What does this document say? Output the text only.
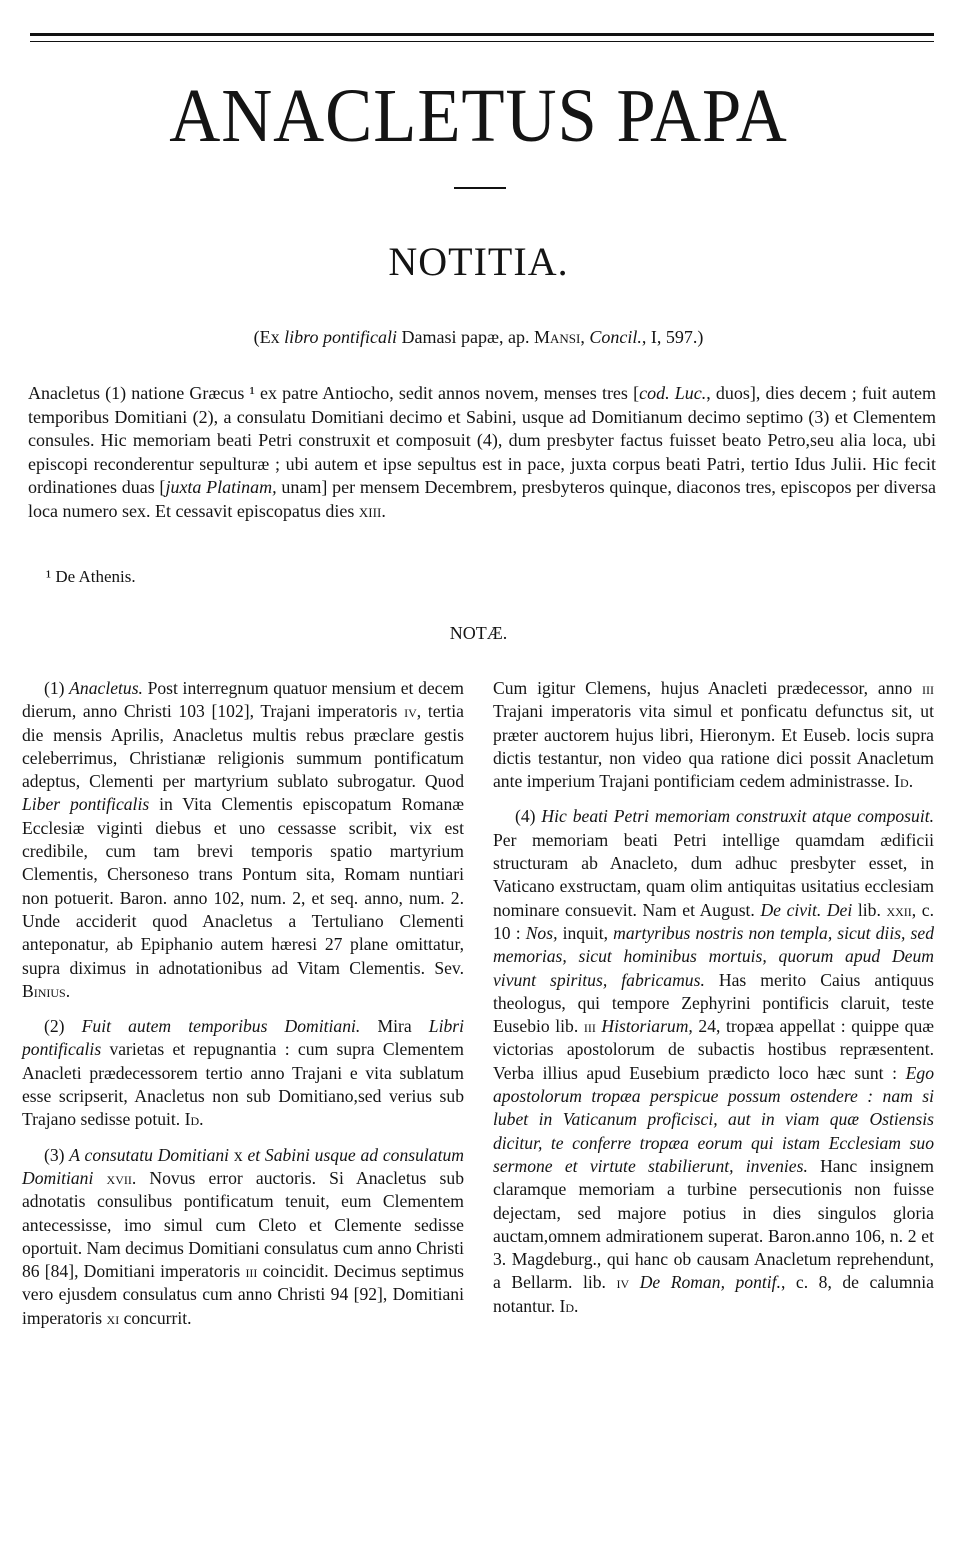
ANACLETUS PAPA
NOTITIA.
(Ex libro pontificali Damasi papæ, ap. Mansi, Concil., I, 597.)

Anacletus (1) natione Græcus ¹ ex patre Antiocho, sedit annos novem, menses tres [cod. Luc., duos], dies decem ; fuit autem temporibus Domitiani (2), a consulatu Domitiani decimo et Sabini, usque ad Domitianum decimo septimo (3) et Clementem consules. Hic memoriam beati Petri construxit et composuit (4), dum presbyter factus fuisset beato Petro,seu alia loca, ubi episcopi reconderentur sepulturæ ; ubi autem et ipse sepultus est in pace, juxta corpus beati Patri, tertio Idus Julii. Hic fecit ordinationes duas [juxta Platinam, unam] per mensem Decembrem, presbyteros quinque, diaconos tres, episcopos per diversa loca numero sex. Et cessavit episcopatus dies xiii.

¹ De Athenis.
NOTÆ.

(1) Anacletus. Post interregnum quatuor mensium et decem dierum, anno Christi 103 [102], Trajani imperatoris iv, tertia die mensis Aprilis, Anacletus multis rebus præclare gestis celeberrimus, Christianæ religionis summum pontificatum adeptus, Clementi per martyrium sublato subrogatur. Quod Liber pontificalis in Vita Clementis episcopatum Romanæ Ecclesiæ viginti diebus et uno cessasse scribit, vix est credibile, cum tam brevi temporis spatio martyrium Clementis, Chersoneso trans Pontum sita, Romam nuntiari non potuerit. Baron. anno 102, num. 2, et seq. anno, num. 2. Unde acciderit quod Anacletus a Tertuliano Clementi anteponatur, ab Epiphanio autem hæresi 27 plane omittatur, supra diximus in adnotationibus ad Vitam Clementis. Sev. Binius.

(2) Fuit autem temporibus Domitiani. Mira Libri pontificalis varietas et repugnantia : cum supra Clementem Anacleti prædecessorem tertio anno Trajani e vita sublatum esse scripserit, Anacletus non sub Domitiano,sed verius sub Trajano sedisse potuit. Id.

(3) A consutatu Domitiani x et Sabini usque ad consulatum Domitiani xvii. Novus error auctoris. Si Anacletus sub adnotatis consulibus pontificatum tenuit, eum Clementem antecessisse, imo simul cum Cleto et Clemente sedisse oportuit. Nam decimus Domitiani consulatus cum anno Christi 86 [84], Domitiani imperatoris iii coincidit. Decimus septimus vero ejusdem consulatus cum anno Christi 94 [92], Domitiani imperatoris xi concurrit.

Cum igitur Clemens, hujus Anacleti prædecessor, anno iii Trajani imperatoris vita simul et ponficatu defunctus sit, ut præter auctorem hujus libri, Hieronym. Et Euseb. locis supra dictis testantur, non video qua ratione dici possit Anacletum ante imperium Trajani pontificiam cedem administrasse. Id.

(4) Hic beati Petri memoriam construxit atque composuit. Per memoriam beati Petri intellige quamdam ædificii structuram ab Anacleto, dum adhuc presbyter esset, in Vaticano exstructam, quam olim antiquitas usitatius ecclesiam nominare consuevit. Nam et August. De civit. Dei lib. xxii, c. 10 : Nos, inquit, martyribus nostris non templa, sicut diis, sed memorias, sicut hominibus mortuis, quorum apud Deum vivunt spiritus, fabricamus. Has merito Caius antiquus theologus, qui tempore Zephyrini pontificis claruit, teste Eusebio lib. iii Historiarum, 24, tropæa appellat : quippe quæ victorias apostolorum de subactis hostibus repræsentent. Verba illius apud Eusebium prædicto loco hæc sunt : Ego apostolorum tropæa perspicue possum ostendere : nam si lubet in Vaticanum proficisci, aut in viam quæ Ostiensis dicitur, te conferre tropæa eorum qui istam Ecclesiam suo sermone et virtute stabilierunt, invenies. Hanc insignem claramque memoriam a turbine persecutionis non fuisse dejectam, sed majore potius in dies singulos gloria auctam,omnem admirationem superat. Baron.anno 106, n. 2 et 3. Magdeburg., qui hanc ob causam Anacletum reprehendunt, a Bellarm. lib. iv De Roman, pontif., c. 8, de calumnia notantur. Id.
